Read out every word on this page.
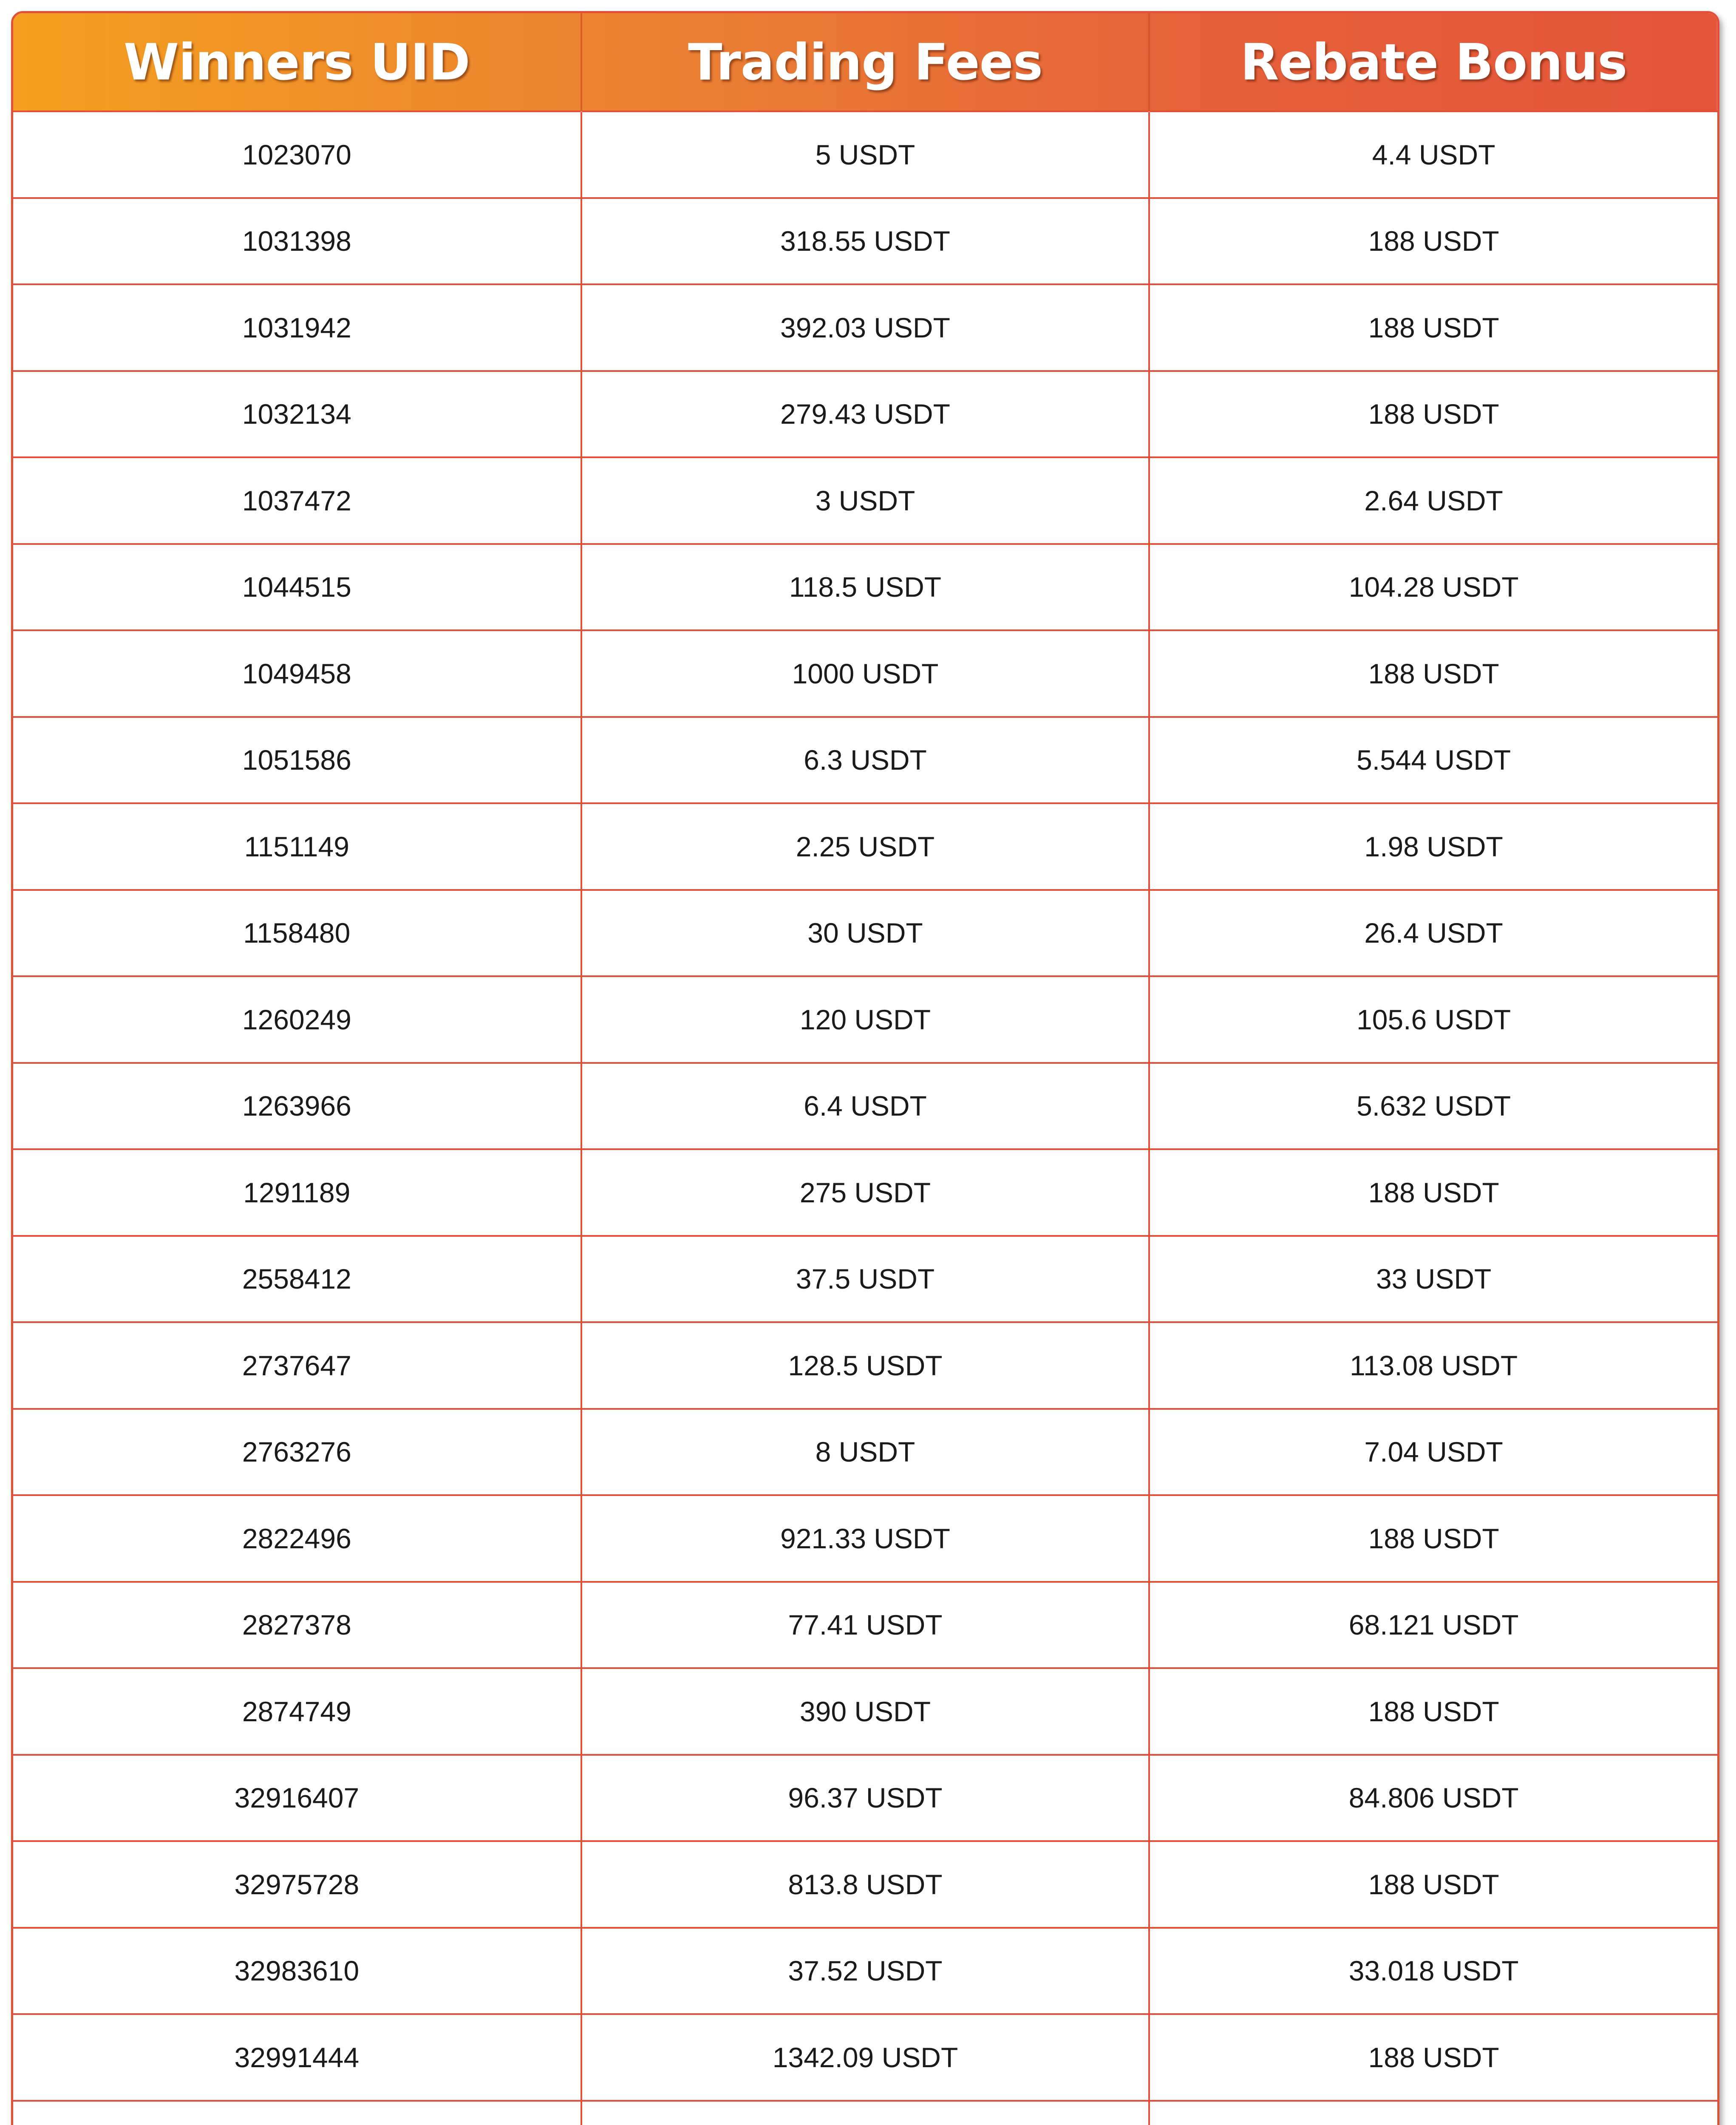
Winners UID	Trading Fees	Rebate Bonus
1023070	5 USDT	4.4 USDT
1031398	318.55 USDT	188 USDT
1031942	392.03 USDT	188 USDT
1032134	279.43 USDT	188 USDT
1037472	3 USDT	2.64 USDT
1044515	118.5 USDT	104.28 USDT
1049458	1000 USDT	188 USDT
1051586	6.3 USDT	5.544 USDT
1151149	2.25 USDT	1.98 USDT
1158480	30 USDT	26.4 USDT
1260249	120 USDT	105.6 USDT
1263966	6.4 USDT	5.632 USDT
1291189	275 USDT	188 USDT
2558412	37.5 USDT	33 USDT
2737647	128.5 USDT	113.08 USDT
2763276	8 USDT	7.04 USDT
2822496	921.33 USDT	188 USDT
2827378	77.41 USDT	68.121 USDT
2874749	390 USDT	188 USDT
32916407	96.37 USDT	84.806 USDT
32975728	813.8 USDT	188 USDT
32983610	37.52 USDT	33.018 USDT
32991444	1342.09 USDT	188 USDT
